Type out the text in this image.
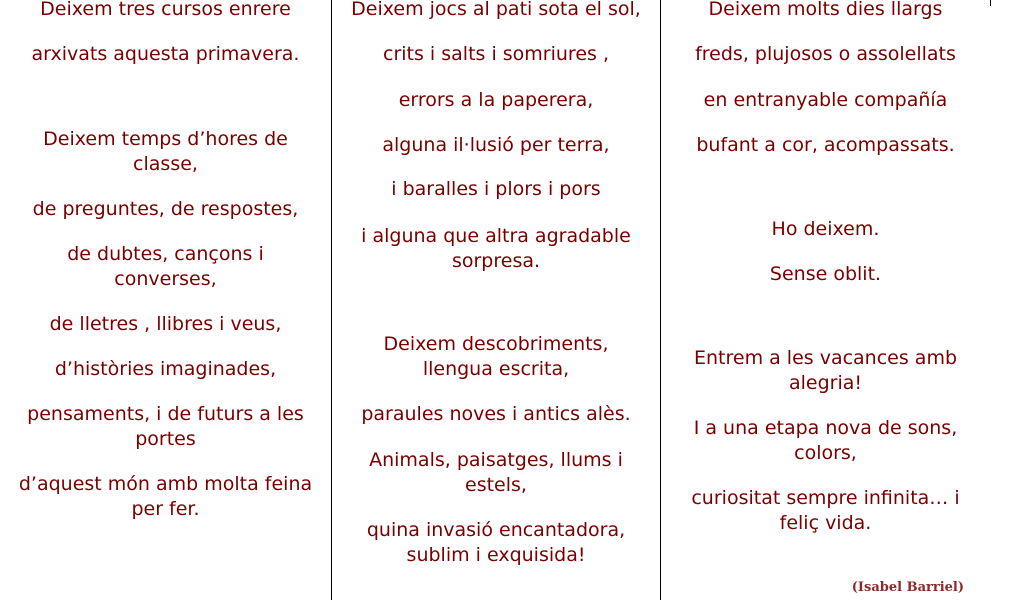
Deixem tres cursos enrere
arxivats aquesta primavera.
Deixem temps d’hores de classe,
de preguntes, de respostes,
de dubtes, cançons i converses,
de lletres , llibres i veus,
d’històries imaginades,
pensaments, i de futurs a les portes
d’aquest món amb molta feina per fer.
Deixem jocs al pati sota el sol,
crits i salts i somriures ,
errors a la paperera,
alguna il·lusió per terra,
i baralles i plors i pors
i alguna que altra agradable sorpresa.
Deixem descobriments, llengua escrita,
paraules noves i antics alès.
Animals, paisatges, llums i estels,
quina invasió encantadora, sublim i exquisida!
Deixem molts dies llargs
freds, plujosos o assolellats
en entranyable compañía
bufant a cor, acompassats.
Ho deixem.
Sense oblit.
Entrem a les vacances amb alegria!
I a una etapa nova de sons, colors,
curiositat sempre infinita… i feliç vida.
(Isabel Barriel)
